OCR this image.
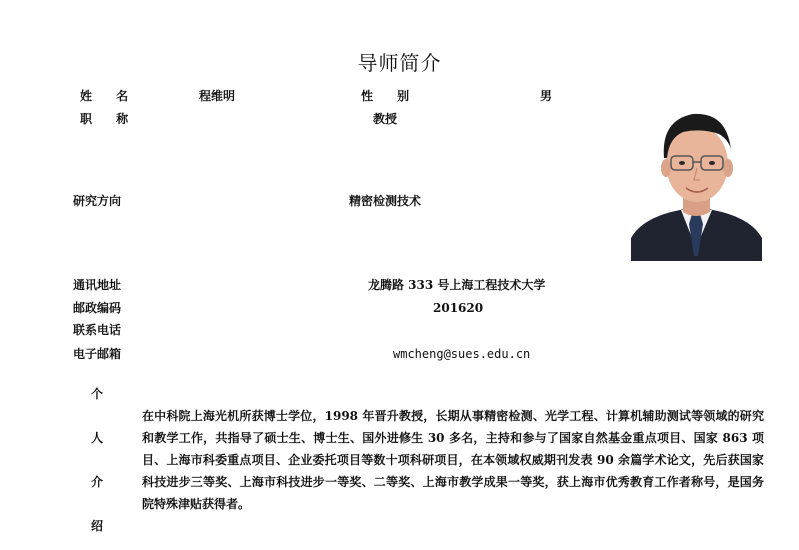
导师简介
姓 名	程维明	性 别	男
职 称	教授
研究方向	精密检测技术
通讯地址	龙腾路 333 号上海工程技术大学
邮政编码	201620
联系电话
电子邮箱	wmcheng@sues.edu.cn
个
人
介
绍
在中科院上海光机所获博士学位，1998 年晋升教授，长期从事精密检测、光学工程、计算机辅助测试等领域的研究和教学工作，共指导了硕士生、博士生、国外进修生 30 多名，主持和参与了国家自然基金重点项目、国家 863 项目、上海市科委重点项目、企业委托项目等数十项科研项目，在本领域权威期刊发表 90 余篇学术论文，先后获国家科技进步三等奖、上海市科技进步一等奖、二等奖、上海市教学成果一等奖，获上海市优秀教育工作者称号，是国务院特殊津贴获得者。
